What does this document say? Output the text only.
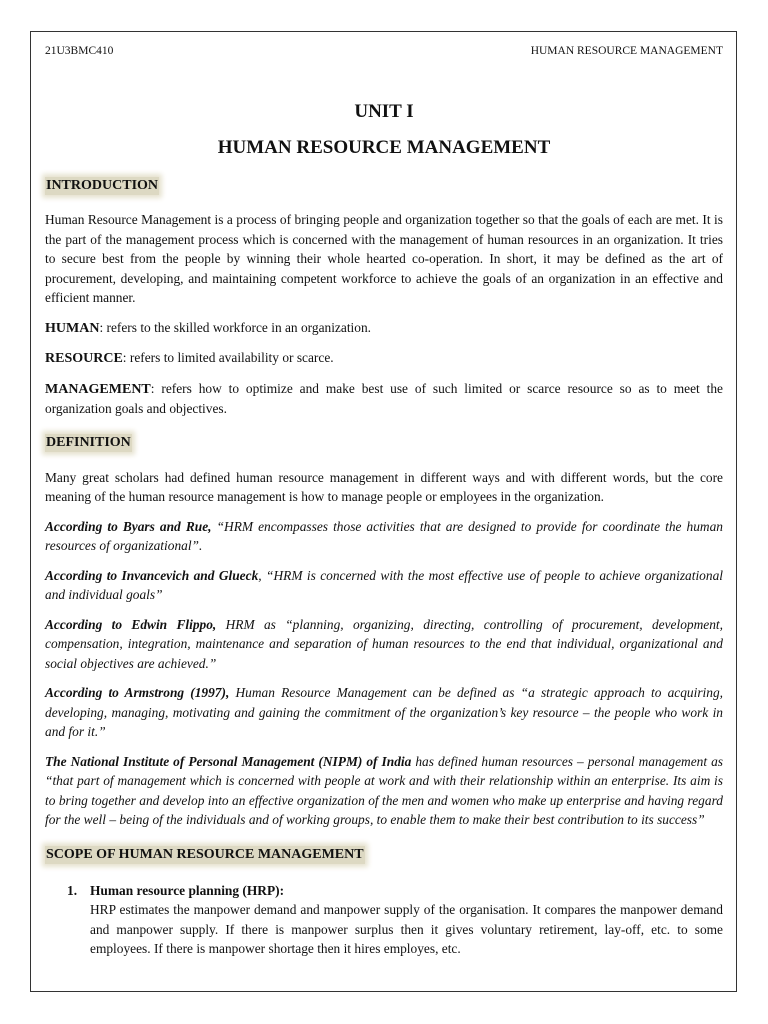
21U3BMC410	HUMAN RESOURCE MANAGEMENT
UNIT I
HUMAN RESOURCE MANAGEMENT
INTRODUCTION

Human Resource Management is a process of bringing people and organization together so that the goals of each are met. It is the part of the management process which is concerned with the management of human resources in an organization. It tries to secure best from the people by winning their whole hearted co-operation. In short, it may be defined as the art of procurement, developing, and maintaining competent workforce to achieve the goals of an organization in an effective and efficient manner.

HUMAN: refers to the skilled workforce in an organization.

RESOURCE: refers to limited availability or scarce.

MANAGEMENT: refers how to optimize and make best use of such limited or scarce resource so as to meet the organization goals and objectives.

DEFINITION

Many great scholars had defined human resource management in different ways and with different words, but the core meaning of the human resource management is how to manage people or employees in the organization.

According to Byars and Rue, “HRM encompasses those activities that are designed to provide for coordinate the human resources of organizational”.

According to Invancevich and Glueck, “HRM is concerned with the most effective use of people to achieve organizational and individual goals”

According to Edwin Flippo, HRM as “planning, organizing, directing, controlling of procurement, development, compensation, integration, maintenance and separation of human resources to the end that individual, organizational and social objectives are achieved.”

According to Armstrong (1997), Human Resource Management can be defined as “a strategic approach to acquiring, developing, managing, motivating and gaining the commitment of the organization’s key resource – the people who work in and for it.”

The National Institute of Personal Management (NIPM) of India has defined human resources – personal management as “that part of management which is concerned with people at work and with their relationship within an enterprise. Its aim is to bring together and develop into an effective organization of the men and women who make up enterprise and having regard for the well – being of the individuals and of working groups, to enable them to make their best contribution to its success”

SCOPE OF HUMAN RESOURCE MANAGEMENT
1. Human resource planning (HRP):

HRP estimates the manpower demand and manpower supply of the organisation. It compares the manpower demand and manpower supply. If there is manpower surplus then it gives voluntary retirement, lay-off, etc. to some employees. If there is manpower shortage then it hires employes, etc.
